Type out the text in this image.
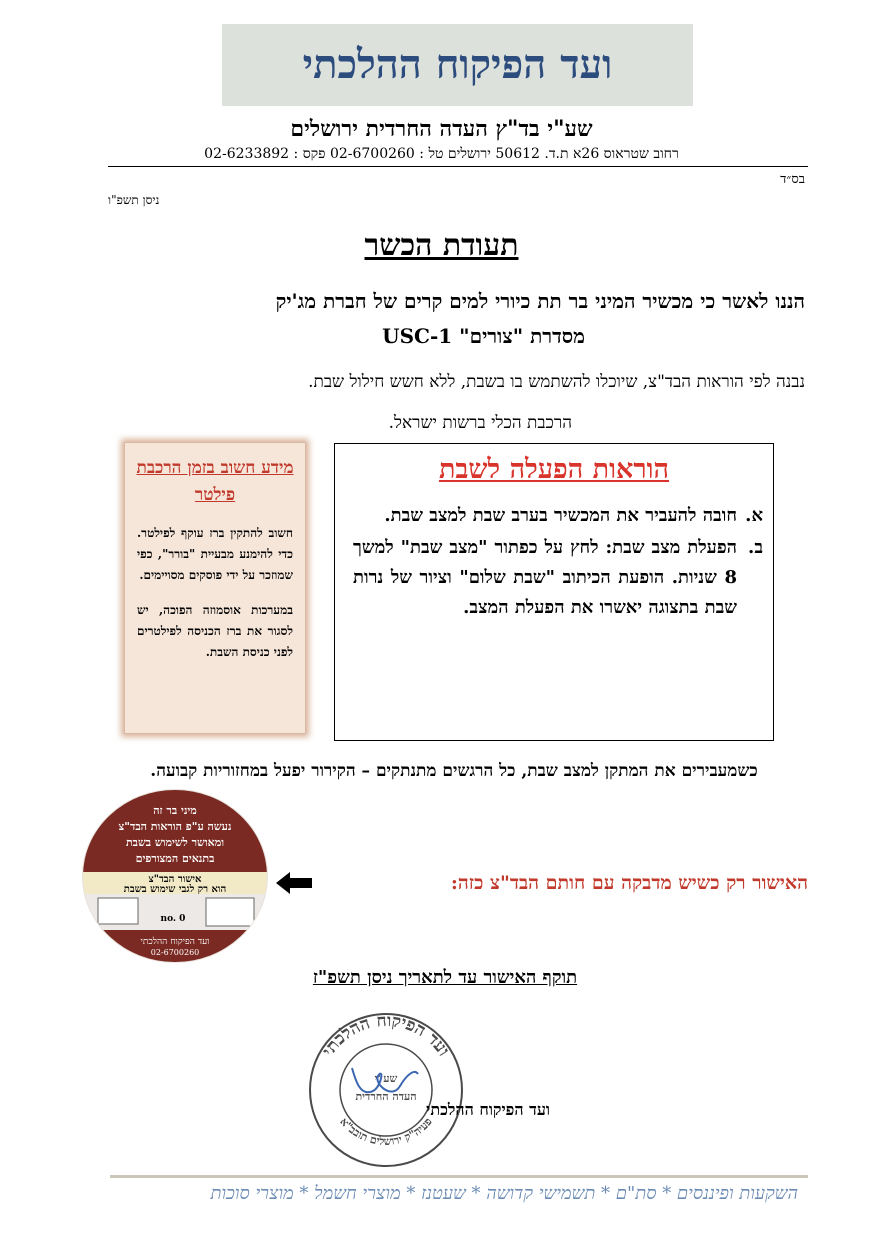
ועד הפיקוח ההלכתי
שע"י בד"ץ העדה החרדית ירושלים
רחוב שטראוס 26א ת.ד. 50612 ירושלים טל : 02-6700260 פקס : 02-6233892
בס״ד
ניסן תשפ"ו
תעודת הכשר
הננו לאשר כי מכשיר המיני בר תת כיורי למים קרים של חברת מג'יק
מסדרת "צורים" USC-1
נבנה לפי הוראות הבד"צ, שיוכלו להשתמש בו בשבת, ללא חשש חילול שבת.
הרכבת הכלי ברשות ישראל.
מידע חשוב בזמן הרכבת פילטר
חשוב להתקין ברז עוקף לפילטר. כדי להימנע מבעיית "בורר", כפי שמוזכר על ידי פוסקים מסויימים.
במערכות אוסמוזה הפוכה, יש לסגור את ברז הכניסה לפילטרים לפני כניסת השבת.
הוראות הפעלה לשבת
א.
חובה להעביר את המכשיר בערב שבת למצב שבת.
ב.
הפעלת מצב שבת: לחץ על כפתור "מצב שבת" למשך 8 שניות. הופעת הכיתוב "שבת שלום" וציור של נרות שבת בתצוגה יאשרו את הפעלת המצב.
כשמעבירים את המתקן למצב שבת, כל הרגשים מתנתקים – הקירור יפעל במחזוריות קבועה.
מיני בר זה
נעשה ע"פ הוראות הבד"צ
ומאושר לשימוש בשבת
בתנאים המצורפים
אישור הבד"צ
הוא רק לגבי שימוש בשבת
no. 0
ועד הפיקוח ההלכתי
02-6700260
האישור רק כשיש מדבקה עם חותם הבד"צ כזה:
תוקף האישור עד לתאריך ניסן תשפ"ז
ועד הפיקוח ההלכתי
פעיה"ק ירושלים תובב"א
שע"י
העדה החרדית
ועד הפיקוח ההלכתי
השקעות ופיננסים * סת"ם * תשמישי קדושה * שעטנז * מוצרי חשמל * מוצרי סוכות
